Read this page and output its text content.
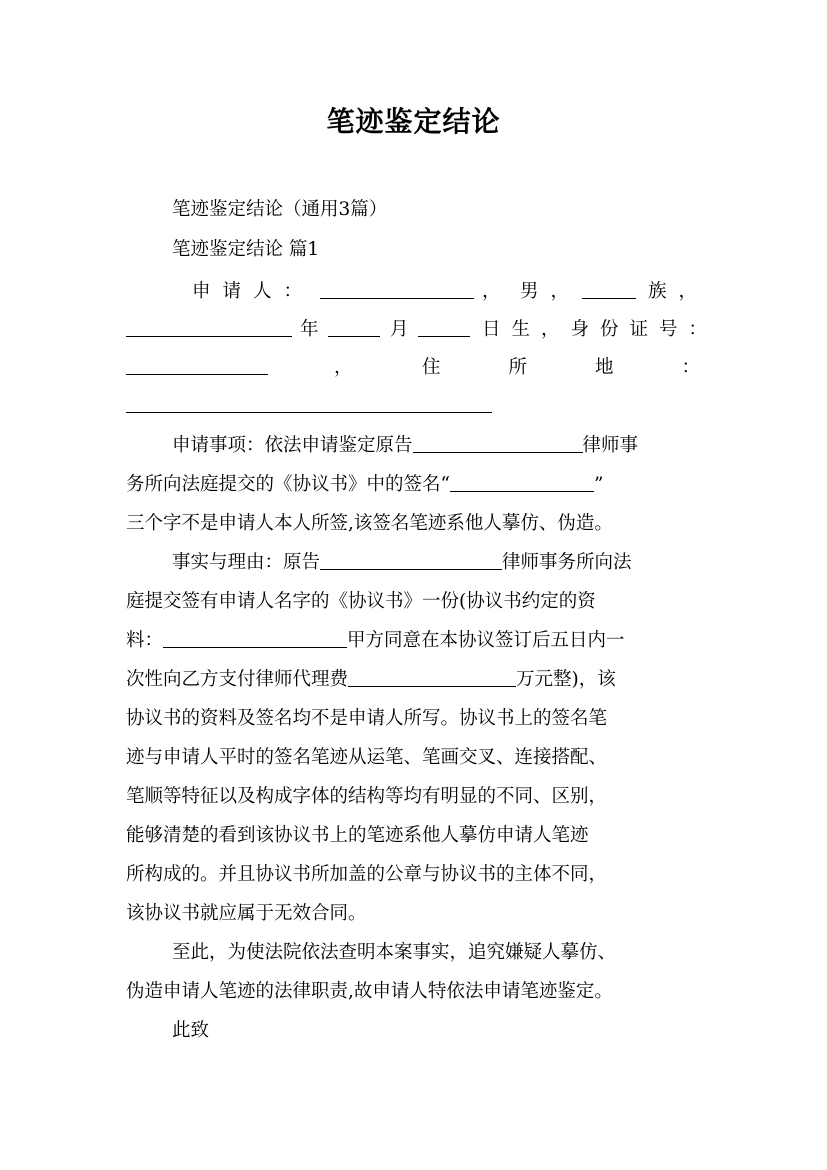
笔迹鉴定结论
笔迹鉴定结论（通用3篇）
笔迹鉴定结论 篇1
申请人：	， 男，	族，
年	月	日生，身份证号：
，	住所地：
申请事项：依法申请鉴定原告	律师事
务所向法庭提交的《协议书》中的签名“	”
三个字不是申请人本人所签,该签名笔迹系他人摹仿、伪造。
事实与理由：原告	律师事务所向法
庭提交签有申请人名字的《协议书》一份(协议书约定的资
料：	甲方同意在本协议签订后五日内一
次性向乙方支付律师代理费	万元整)，该
协议书的资料及签名均不是申请人所写。协议书上的签名笔
迹与申请人平时的签名笔迹从运笔、笔画交叉、连接搭配、
笔顺等特征以及构成字体的结构等均有明显的不同、区别，
能够清楚的看到该协议书上的笔迹系他人摹仿申请人笔迹
所构成的。并且协议书所加盖的公章与协议书的主体不同，
该协议书就应属于无效合同。
至此，为使法院依法查明本案事实，追究嫌疑人摹仿、
伪造申请人笔迹的法律职责,故申请人特依法申请笔迹鉴定。
此致
